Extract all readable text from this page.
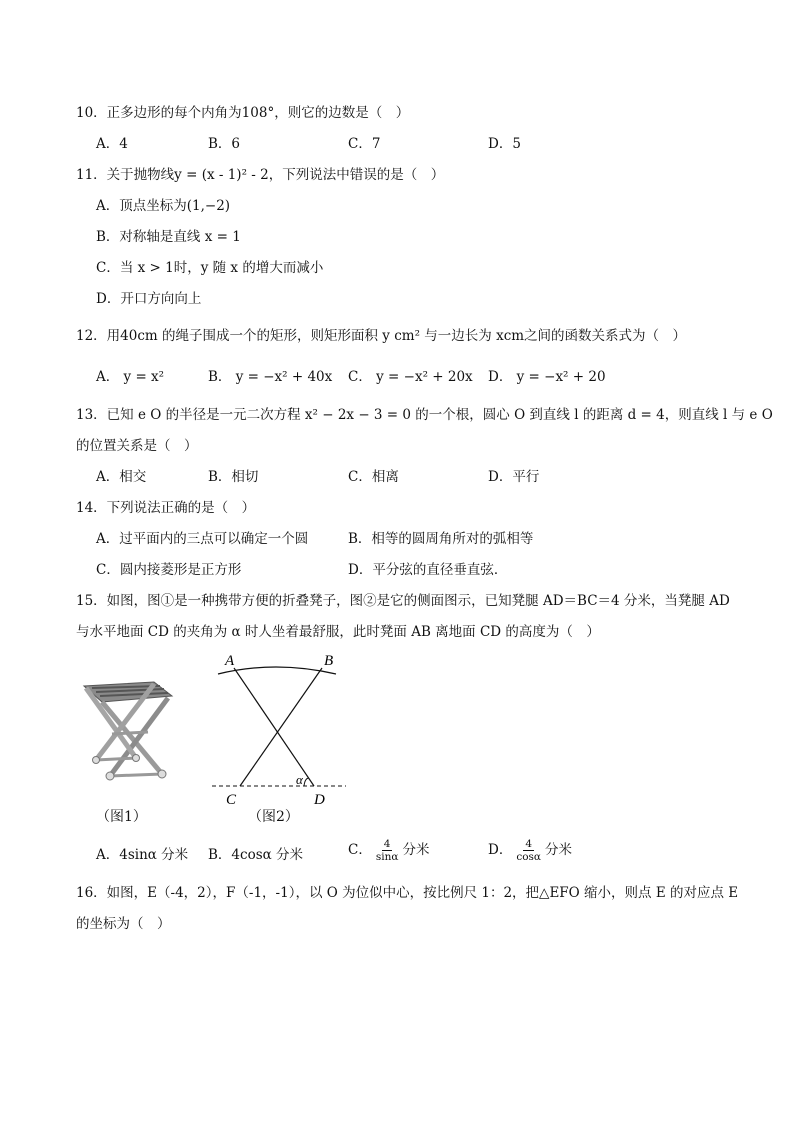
10．正多边形的每个内角为108°，则它的边数是（　）
A．4	B．6	C．7	D．5
11．关于抛物线y = (x - 1)² - 2，下列说法中错误的是（　）
A．顶点坐标为(1,−2)
B．对称轴是直线 x = 1
C．当 x > 1时，y 随 x 的增大而减小
D．开口方向向上
12．用40cm 的绳子围成一个的矩形，则矩形面积 y cm² 与一边长为 xcm之间的函数关系式为（　）
A． y = x²	B． y = −x² + 40x C． y = −x² + 20x D． y = −x² + 20
13．已知 e O 的半径是一元二次方程 x² − 2x − 3 = 0 的一个根，圆心 O 到直线 l 的距离 d = 4，则直线 l 与 e O
的位置关系是（　）
A．相交	B．相切	C．相离	D．平行
14．下列说法正确的是（　）
A．过平面内的三点可以确定一个圆	B．相等的圆周角所对的弧相等
C．圆内接菱形是正方形	D．平分弦的直径垂直弦．
15．如图，图①是一种携带方便的折叠凳子，图②是它的侧面图示，已知凳腿 AD＝BC＝4 分米，当凳腿 AD
与水平地面 CD 的夹角为 α 时人坐着最舒服，此时凳面 AB 离地面 CD 的高度为（　）
（图1）
A	B
C	D
α
（图2）
A．4sinα 分米 B．4cosα 分米	C． $\frac{4}{\sin\alpha}$ 分米	D． $\frac{4}{\cos\alpha}$ 分米
16．如图，E（-4，2），F（-1，-1），以 O 为位似中心，按比例尺 1：2，把△EFO 缩小，则点 E 的对应点 E
的坐标为（　）
